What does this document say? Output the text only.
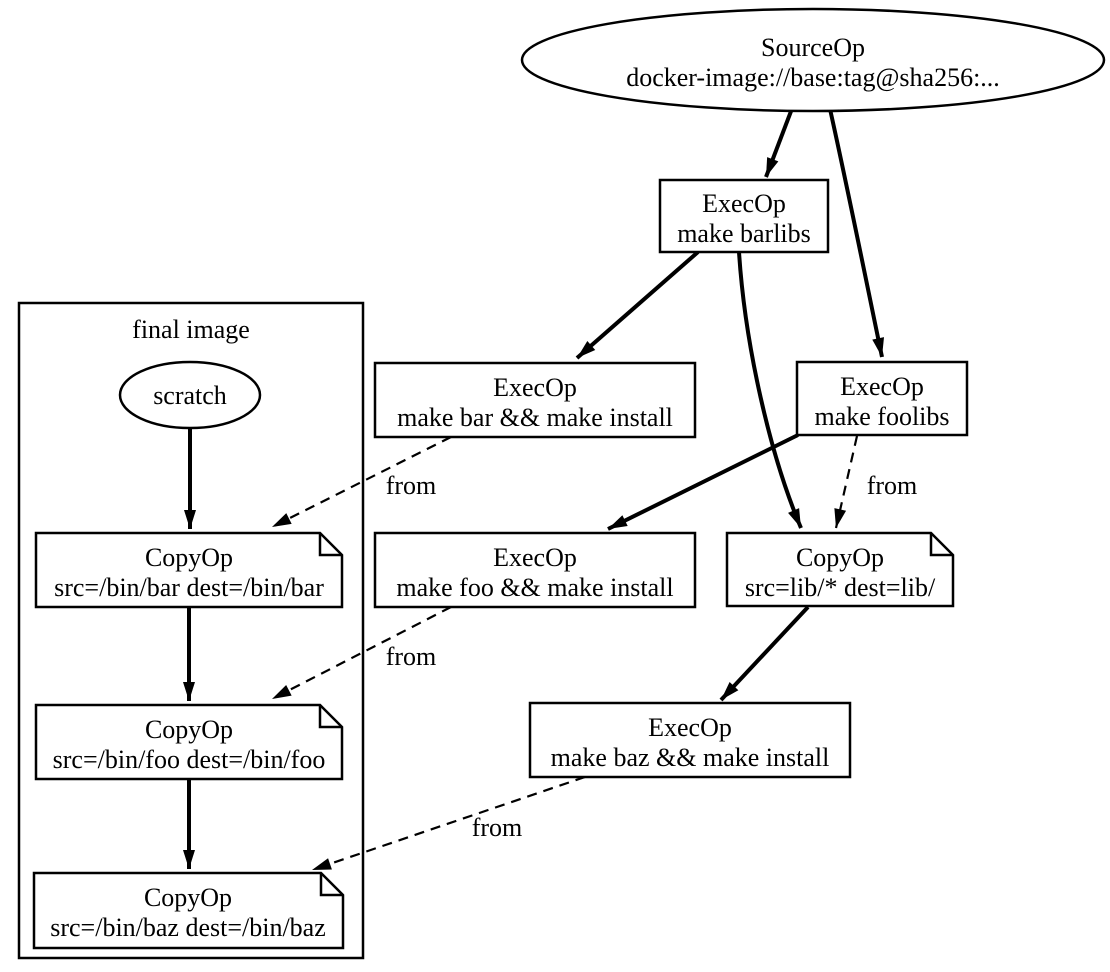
final image
from	from
from
from
SourceOp
docker-image://base:tag@sha256:...
ExecOp
make barlibs
scratch	ExecOp
make bar && make install
ExecOp
make foolibs
CopyOp
src=/bin/bar dest=/bin/bar
ExecOp
make foo && make install
CopyOp
src=lib/* dest=lib/
ExecOp
make baz && make install
CopyOp
src=/bin/foo dest=/bin/foo
CopyOp
src=/bin/baz dest=/bin/baz
